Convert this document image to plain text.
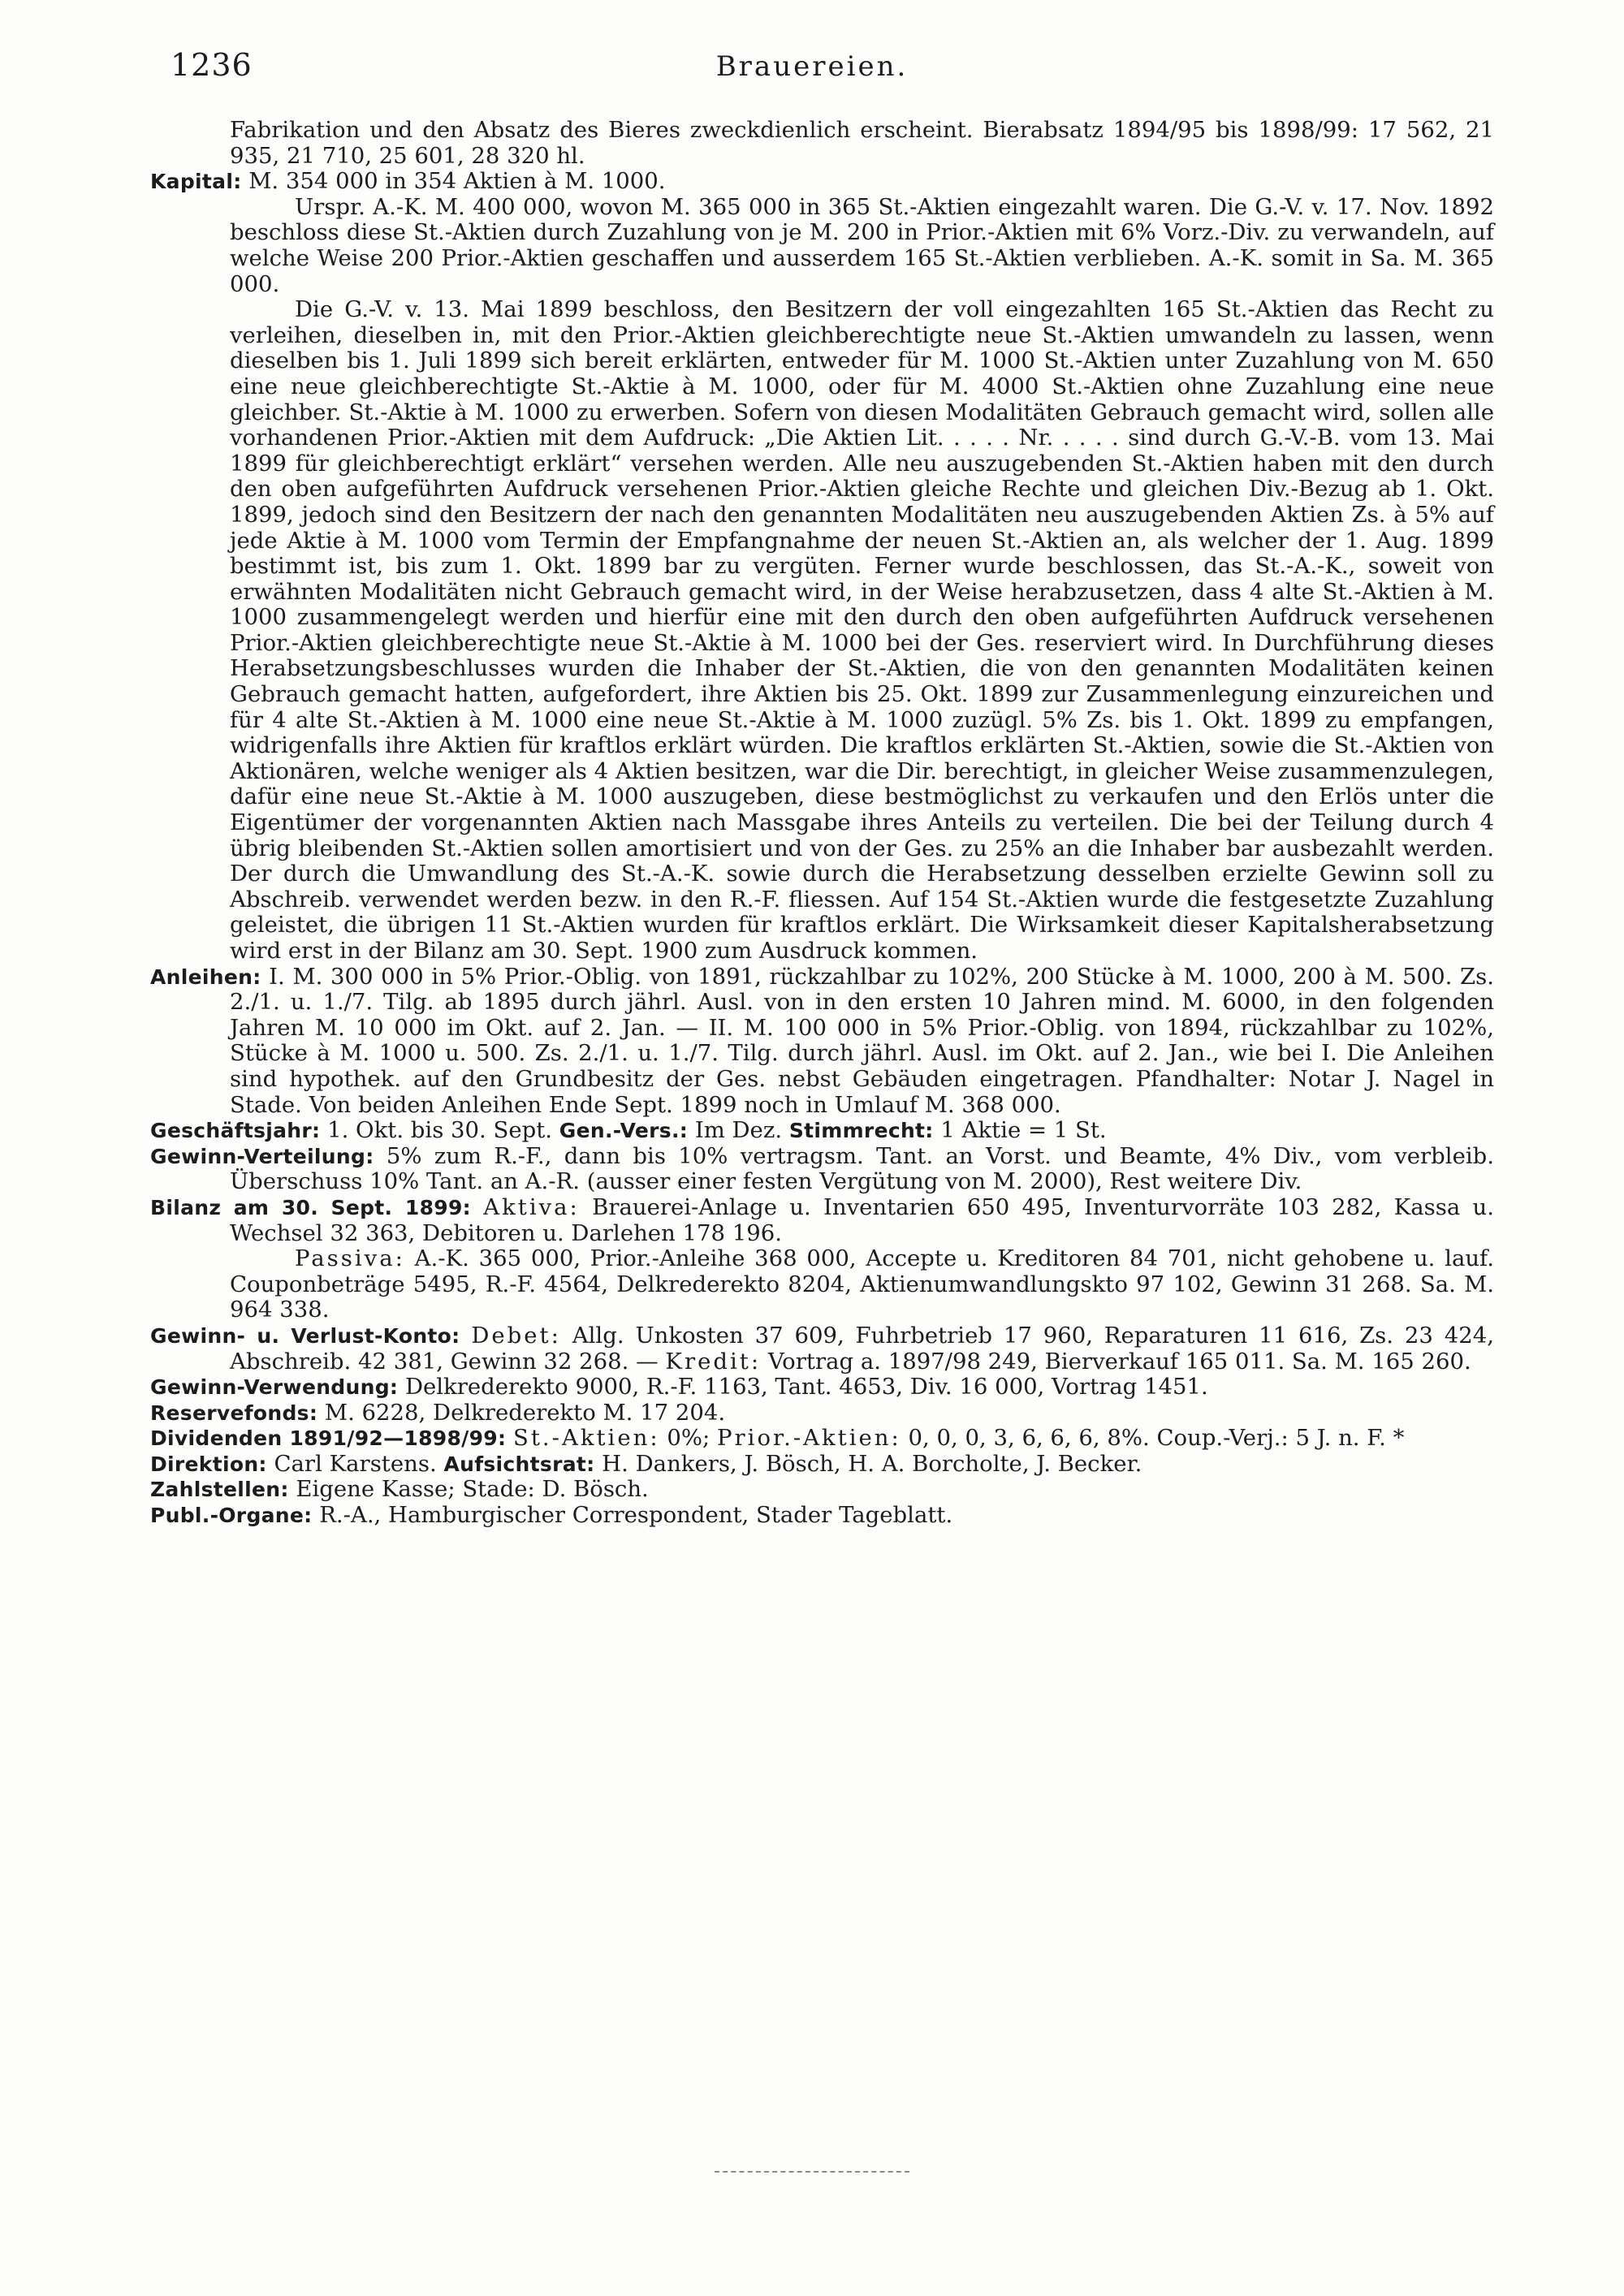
1236	Brauereien.

Fabrikation und den Absatz des Bieres zweckdienlich erscheint. Bierabsatz 1894/95 bis 1898/99: 17 562, 21 935, 21 710, 25 601, 28 320 hl.

Kapital: M. 354 000 in 354 Aktien à M. 1000.

Urspr. A.-K. M. 400 000, wovon M. 365 000 in 365 St.-Aktien eingezahlt waren. Die G.-V. v. 17. Nov. 1892 beschloss diese St.-Aktien durch Zuzahlung von je M. 200 in Prior.-Aktien mit 6% Vorz.-Div. zu verwandeln, auf welche Weise 200 Prior.-Aktien geschaffen und ausserdem 165 St.-Aktien verblieben. A.-K. somit in Sa. M. 365 000.

Die G.-V. v. 13. Mai 1899 beschloss, den Besitzern der voll eingezahlten 165 St.-Aktien das Recht zu verleihen, dieselben in, mit den Prior.-Aktien gleichberechtigte neue St.-Aktien umwandeln zu lassen, wenn dieselben bis 1. Juli 1899 sich bereit erklärten, entweder für M. 1000 St.-Aktien unter Zuzahlung von M. 650 eine neue gleichberechtigte St.-Aktie à M. 1000, oder für M. 4000 St.-Aktien ohne Zuzahlung eine neue gleichber. St.-Aktie à M. 1000 zu erwerben. Sofern von diesen Modalitäten Gebrauch gemacht wird, sollen alle vorhandenen Prior.-Aktien mit dem Aufdruck: „Die Aktien Lit. . . . . Nr. . . . . sind durch G.-V.-B. vom 13. Mai 1899 für gleichberechtigt erklärt“ versehen werden. Alle neu auszugebenden St.-Aktien haben mit den durch den oben aufgeführten Aufdruck versehenen Prior.-Aktien gleiche Rechte und gleichen Div.-Bezug ab 1. Okt. 1899, jedoch sind den Besitzern der nach den genannten Modalitäten neu auszugebenden Aktien Zs. à 5% auf jede Aktie à M. 1000 vom Termin der Empfangnahme der neuen St.-Aktien an, als welcher der 1. Aug. 1899 bestimmt ist, bis zum 1. Okt. 1899 bar zu vergüten. Ferner wurde beschlossen, das St.-A.-K., soweit von erwähnten Modalitäten nicht Gebrauch gemacht wird, in der Weise herabzusetzen, dass 4 alte St.-Aktien à M. 1000 zusammengelegt werden und hierfür eine mit den durch den oben aufgeführten Aufdruck versehenen Prior.-Aktien gleichberechtigte neue St.-Aktie à M. 1000 bei der Ges. reserviert wird. In Durchführung dieses Herabsetzungsbeschlusses wurden die Inhaber der St.-Aktien, die von den genannten Modalitäten keinen Gebrauch gemacht hatten, aufgefordert, ihre Aktien bis 25. Okt. 1899 zur Zusammenlegung einzureichen und für 4 alte St.-Aktien à M. 1000 eine neue St.-Aktie à M. 1000 zuzügl. 5% Zs. bis 1. Okt. 1899 zu empfangen, widrigenfalls ihre Aktien für kraftlos erklärt würden. Die kraftlos erklärten St.-Aktien, sowie die St.-Aktien von Aktionären, welche weniger als 4 Aktien besitzen, war die Dir. berechtigt, in gleicher Weise zusammenzulegen, dafür eine neue St.-Aktie à M. 1000 auszugeben, diese bestmöglichst zu verkaufen und den Erlös unter die Eigentümer der vorgenannten Aktien nach Massgabe ihres Anteils zu verteilen. Die bei der Teilung durch 4 übrig bleibenden St.-Aktien sollen amortisiert und von der Ges. zu 25% an die Inhaber bar ausbezahlt werden. Der durch die Umwandlung des St.-A.-K. sowie durch die Herabsetzung desselben erzielte Gewinn soll zu Abschreib. verwendet werden bezw. in den R.-F. fliessen. Auf 154 St.-Aktien wurde die festgesetzte Zuzahlung geleistet, die übrigen 11 St.-Aktien wurden für kraftlos erklärt. Die Wirksamkeit dieser Kapitalsherabsetzung wird erst in der Bilanz am 30. Sept. 1900 zum Ausdruck kommen.

Anleihen: I. M. 300 000 in 5% Prior.-Oblig. von 1891, rückzahlbar zu 102%, 200 Stücke à M. 1000, 200 à M. 500. Zs. 2./1. u. 1./7. Tilg. ab 1895 durch jährl. Ausl. von in den ersten 10 Jahren mind. M. 6000, in den folgenden Jahren M. 10 000 im Okt. auf 2. Jan. — II. M. 100 000 in 5% Prior.-Oblig. von 1894, rückzahlbar zu 102%, Stücke à M. 1000 u. 500. Zs. 2./1. u. 1./7. Tilg. durch jährl. Ausl. im Okt. auf 2. Jan., wie bei I. Die Anleihen sind hypothek. auf den Grundbesitz der Ges. nebst Gebäuden eingetragen. Pfandhalter: Notar J. Nagel in Stade. Von beiden Anleihen Ende Sept. 1899 noch in Umlauf M. 368 000.

Geschäftsjahr: 1. Okt. bis 30. Sept. Gen.-Vers.: Im Dez. Stimmrecht: 1 Aktie = 1 St.

Gewinn-Verteilung: 5% zum R.-F., dann bis 10% vertragsm. Tant. an Vorst. und Beamte, 4% Div., vom verbleib. Überschuss 10% Tant. an A.-R. (ausser einer festen Vergütung von M. 2000), Rest weitere Div.

Bilanz am 30. Sept. 1899: Aktiva: Brauerei-Anlage u. Inventarien 650 495, Inventurvorräte 103 282, Kassa u. Wechsel 32 363, Debitoren u. Darlehen 178 196.

Passiva: A.-K. 365 000, Prior.-Anleihe 368 000, Accepte u. Kreditoren 84 701, nicht gehobene u. lauf. Couponbeträge 5495, R.-F. 4564, Delkrederekto 8204, Aktienumwandlungskto 97 102, Gewinn 31 268. Sa. M. 964 338.

Gewinn- u. Verlust-Konto: Debet: Allg. Unkosten 37 609, Fuhrbetrieb 17 960, Reparaturen 11 616, Zs. 23 424, Abschreib. 42 381, Gewinn 32 268. — Kredit: Vortrag a. 1897/98 249, Bierverkauf 165 011. Sa. M. 165 260.

Gewinn-Verwendung: Delkrederekto 9000, R.-F. 1163, Tant. 4653, Div. 16 000, Vortrag 1451.

Reservefonds: M. 6228, Delkrederekto M. 17 204.

Dividenden 1891/92—1898/99: St.-Aktien: 0%; Prior.-Aktien: 0, 0, 0, 3, 6, 6, 6, 8%. Coup.-Verj.: 5 J. n. F. *

Direktion: Carl Karstens. Aufsichtsrat: H. Dankers, J. Bösch, H. A. Borcholte, J. Becker.

Zahlstellen: Eigene Kasse; Stade: D. Bösch.

Publ.-Organe: R.-A., Hamburgischer Correspondent, Stader Tageblatt.
